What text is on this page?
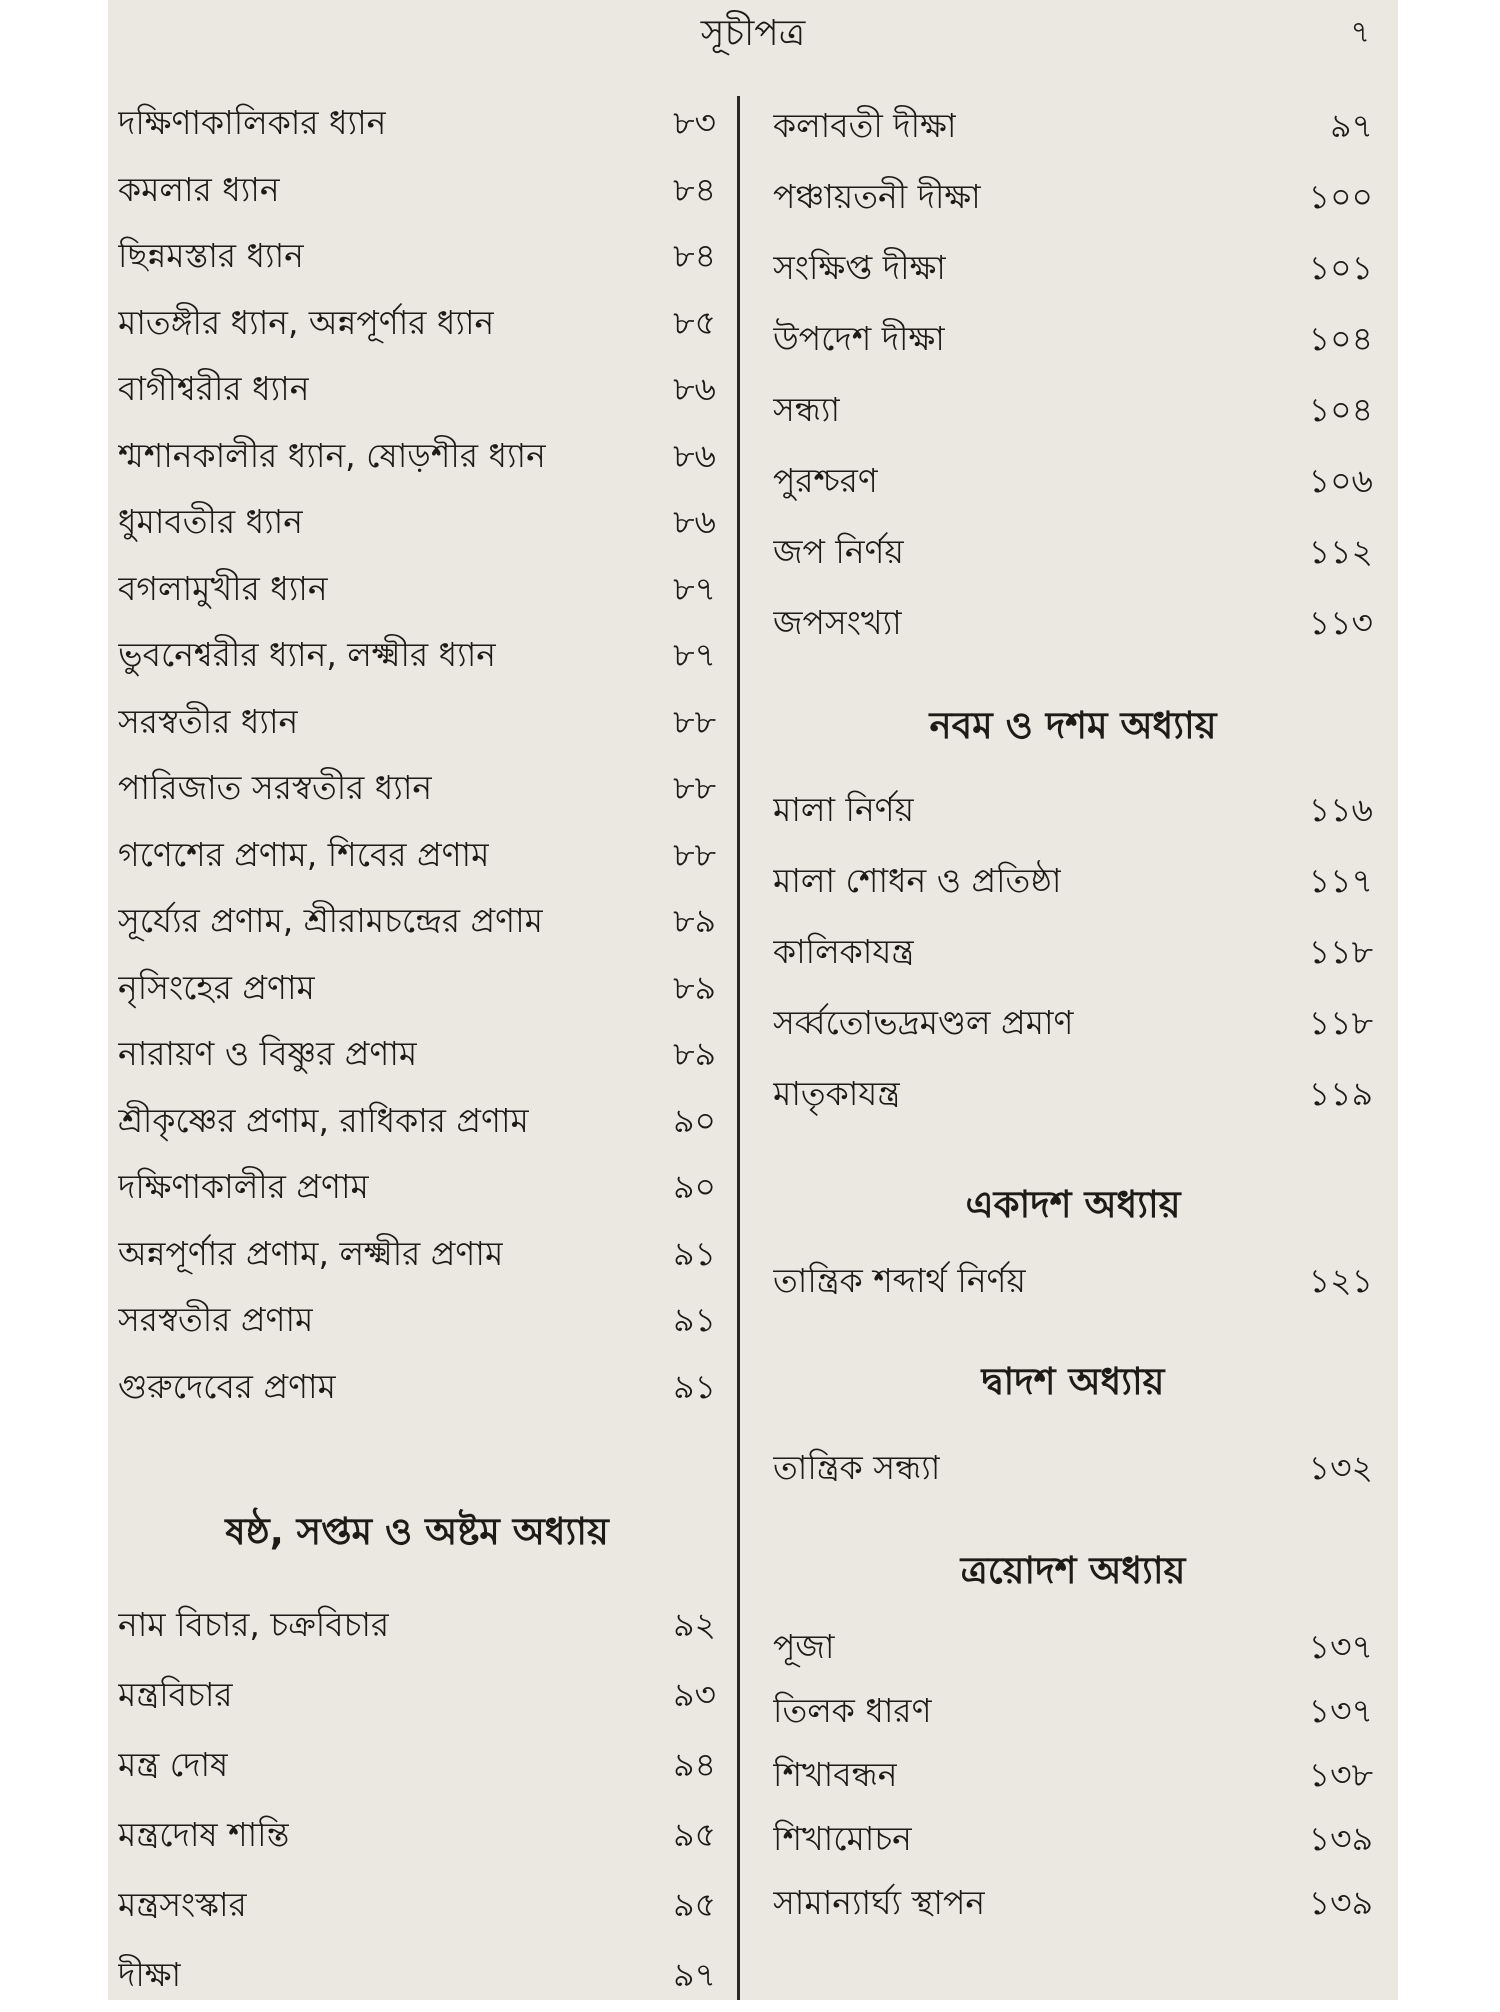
সূচীপত্র	৭
দক্ষিণাকালিকার ধ্যান	৮৩
কমলার ধ্যান	৮৪
ছিন্নমস্তার ধ্যান	৮৪
মাতঙ্গীর ধ্যান, অন্নপূর্ণার ধ্যান	৮৫
বাগীশ্বরীর ধ্যান	৮৬
শ্মশানকালীর ধ্যান, ষোড়শীর ধ্যান	৮৬
ধুমাবতীর ধ্যান	৮৬
বগলামুখীর ধ্যান	৮৭
ভুবনেশ্বরীর ধ্যান, লক্ষ্মীর ধ্যান	৮৭
সরস্বতীর ধ্যান	৮৮
পারিজাত সরস্বতীর ধ্যান	৮৮
গণেশের প্রণাম, শিবের প্রণাম	৮৮
সূর্য্যের প্রণাম, শ্রীরামচন্দ্রের প্রণাম	৮৯
নৃসিংহের প্রণাম	৮৯
নারায়ণ ও বিষ্ণুর প্রণাম	৮৯
শ্রীকৃষ্ণের প্রণাম, রাধিকার প্রণাম	৯০
দক্ষিণাকালীর প্রণাম	৯০
অন্নপূর্ণার প্রণাম, লক্ষ্মীর প্রণাম	৯১
সরস্বতীর প্রণাম	৯১
গুরুদেবের প্রণাম	৯১
ষষ্ঠ, সপ্তম ও অষ্টম অধ্যায়
নাম বিচার, চক্রবিচার	৯২
মন্ত্রবিচার	৯৩
মন্ত্র দোষ	৯৪
মন্ত্রদোষ শান্তি	৯৫
মন্ত্রসংস্কার	৯৫
দীক্ষা	৯৭
কলাবতী দীক্ষা	৯৭
পঞ্চায়তনী দীক্ষা	১০০
সংক্ষিপ্ত দীক্ষা	১০১
উপদেশ দীক্ষা	১০৪
সন্ধ্যা	১০৪
পুরশ্চরণ	১০৬
জপ নির্ণয়	১১২
জপসংখ্যা	১১৩
নবম ও দশম অধ্যায়
মালা নির্ণয়	১১৬
মালা শোধন ও প্রতিষ্ঠা	১১৭
কালিকাযন্ত্র	১১৮
সর্ব্বতোভদ্রমণ্ডল প্রমাণ	১১৮
মাতৃকাযন্ত্র	১১৯
একাদশ অধ্যায়
তান্ত্রিক শব্দার্থ নির্ণয়	১২১
দ্বাদশ অধ্যায়
তান্ত্রিক সন্ধ্যা	১৩২
ত্রয়োদশ অধ্যায়
পূজা	১৩৭
তিলক ধারণ	১৩৭
শিখাবন্ধন	১৩৮
শিখামোচন	১৩৯
সামান্যার্ঘ্য স্থাপন	১৩৯
